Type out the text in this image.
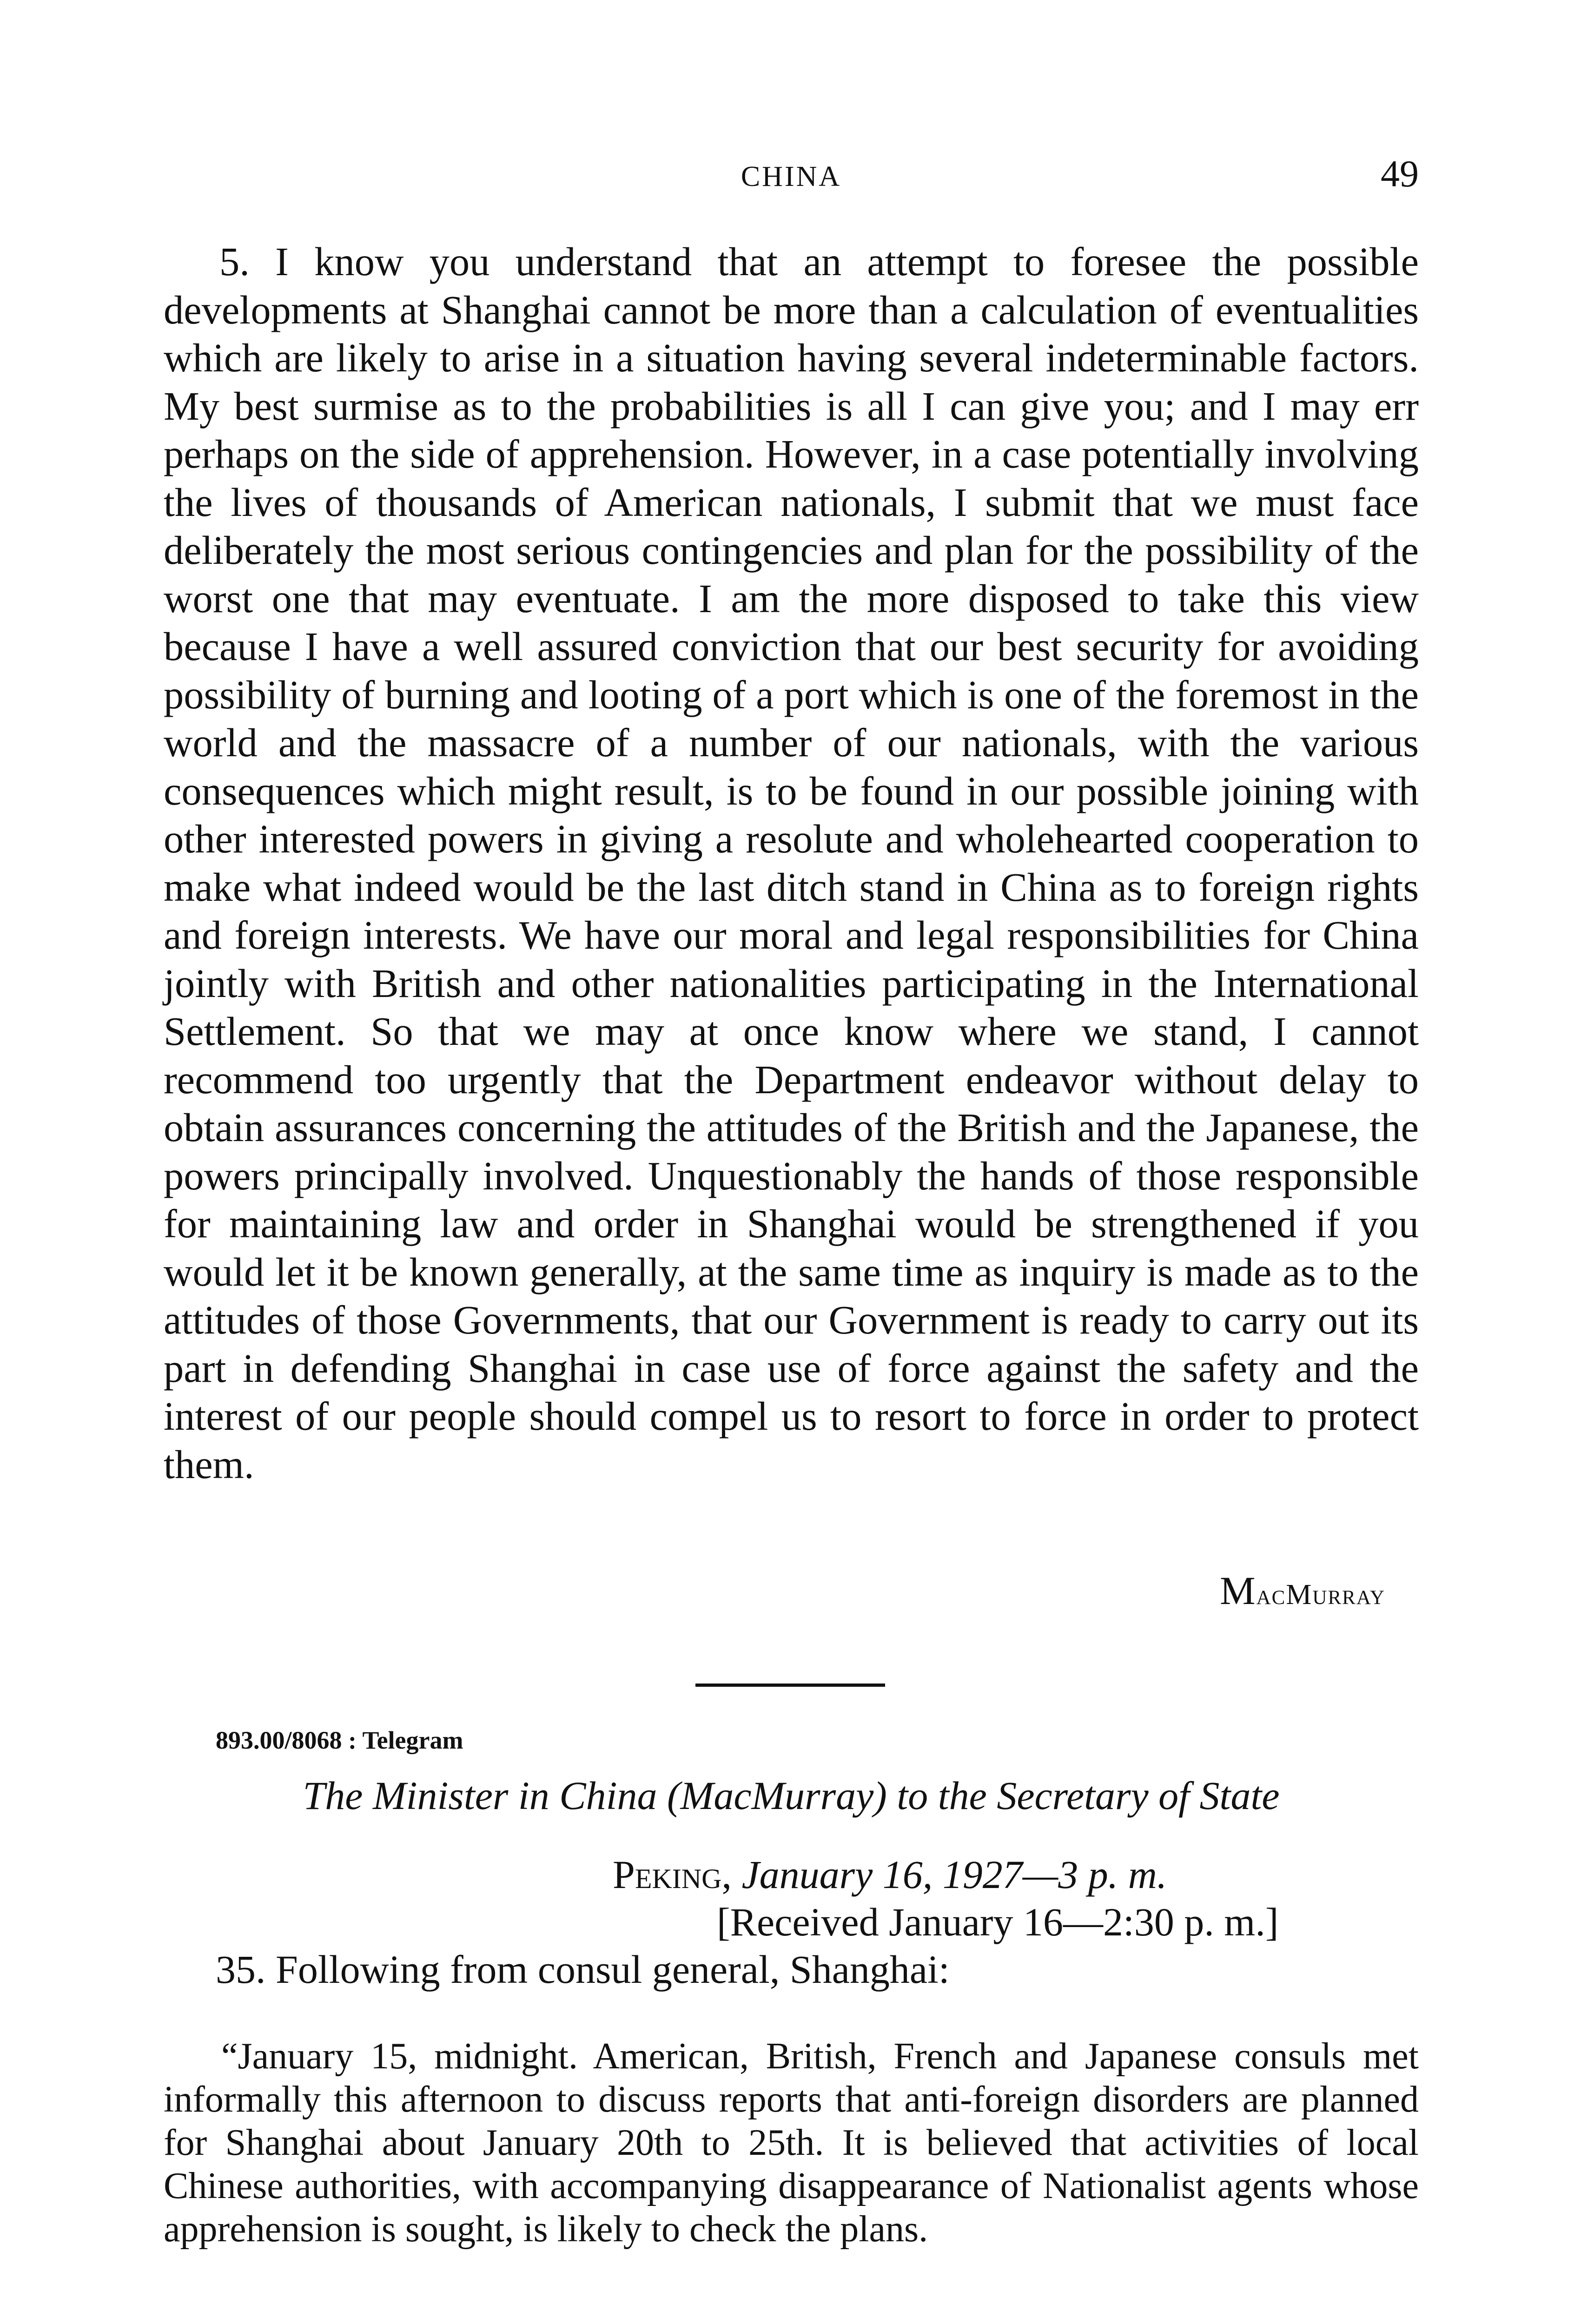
CHINA	49

5. I know you understand that an attempt to foresee the possible developments at Shanghai cannot be more than a calculation of eventualities which are likely to arise in a situation having several indeterminable factors. My best surmise as to the probabilities is all I can give you; and I may err perhaps on the side of apprehension. However, in a case potentially involving the lives of thousands of American nationals, I submit that we must face deliberately the most serious contingencies and plan for the possibility of the worst one that may eventuate. I am the more disposed to take this view because I have a well assured conviction that our best security for avoiding possibility of burning and looting of a port which is one of the foremost in the world and the massacre of a number of our nationals, with the various consequences which might result, is to be found in our possible joining with other interested powers in giving a resolute and wholehearted cooperation to make what indeed would be the last ditch stand in China as to foreign rights and foreign interests. We have our moral and legal responsibilities for China jointly with British and other nationalities participating in the International Settlement. So that we may at once know where we stand, I cannot recommend too urgently that the Department endeavor without delay to obtain assurances concerning the attitudes of the British and the Japanese, the powers principally involved. Unquestionably the hands of those responsible for maintaining law and order in Shanghai would be strengthened if you would let it be known generally, at the same time as inquiry is made as to the attitudes of those Governments, that our Government is ready to carry out its part in defending Shanghai in case use of force against the safety and the interest of our people should compel us to resort to force in order to protect them.

MacMurray
893.00/8068 : Telegram
The Minister in China (MacMurray) to the Secretary of State
Peking, January 16, 1927—3 p. m.
[Received January 16—2:30 p. m.]
35. Following from consul general, Shanghai:

“January 15, midnight. American, British, French and Japanese consuls met informally this afternoon to discuss reports that anti-foreign disorders are planned for Shanghai about January 20th to 25th. It is believed that activities of local Chinese authorities, with accompanying disappearance of Nationalist agents whose apprehension is sought, is likely to check the plans.
